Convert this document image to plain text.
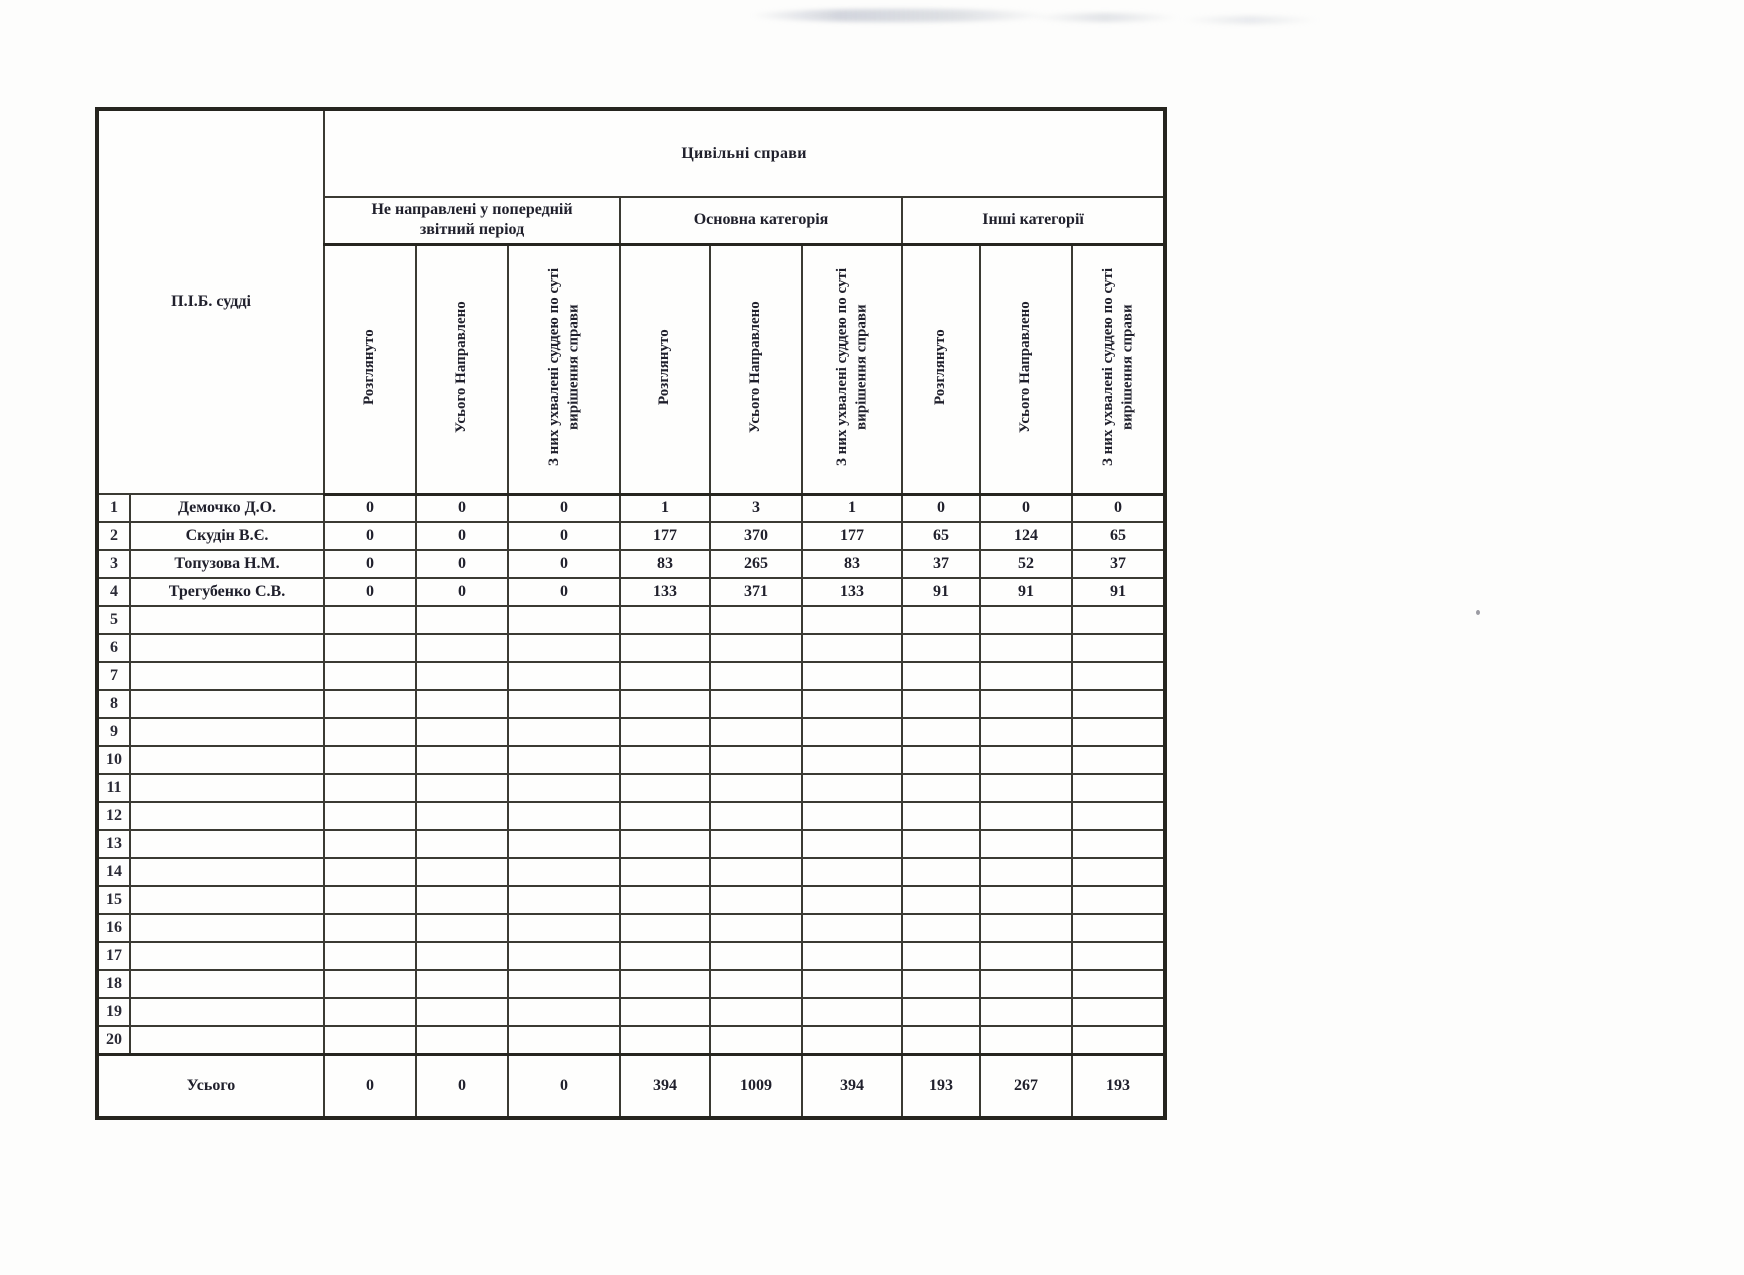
П.І.Б. судді		Цивільні справи								
		Не направлені у попередній звітний період			Основна категорія			Інші категорії		
		Розглянуто	Усього Направлено	З них ухвалені суддею по суті вирішення справи	Розглянуто	Усього Направлено	З них ухвалені суддею по суті вирішення справи	Розглянуто	Усього Направлено	З них ухвалені суддею по суті вирішення справи
1	Демочко Д.О.	0	0	0	1	3	1	0	0	0
2	Скудін В.Є.	0	0	0	177	370	177	65	124	65
3	Топузова Н.М.	0	0	0	83	265	83	37	52	37
4	Трегубенко С.В.	0	0	0	133	371	133	91	91	91
5										
6										
7										
8										
9										
10										
11										
12										
13										
14										
15										
16										
17										
18										
19										
20										
Усього		0	0	0	394	1009	394	193	267	193
